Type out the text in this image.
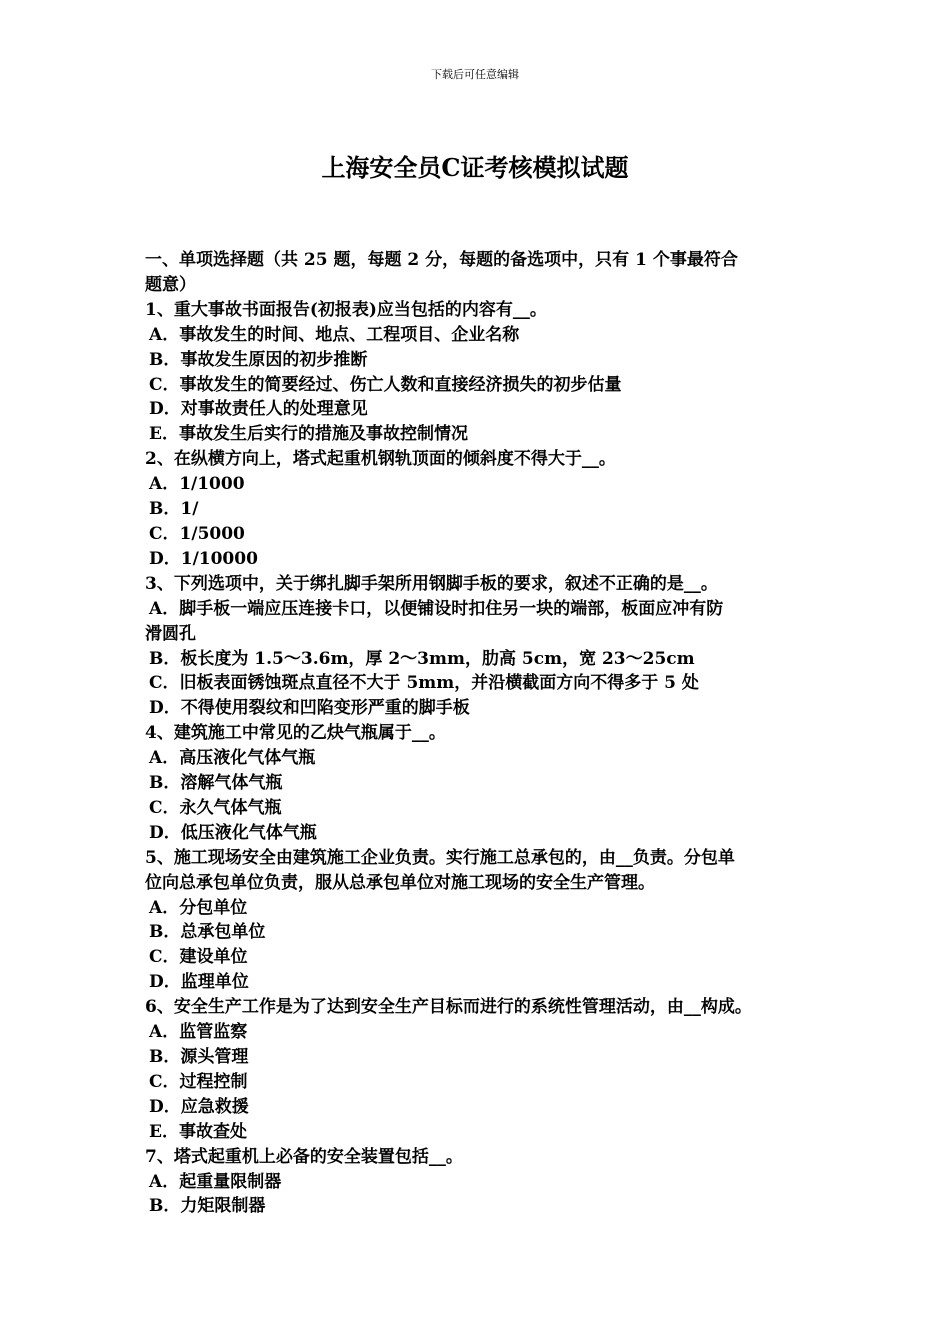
下载后可任意编辑
上海安全员C证考核模拟试题
一、单项选择题（共 25 题，每题 2 分，每题的备选项中，只有 1 个事最符合
题意）
1、重大事故书面报告(初报表)应当包括的内容有__。
A．事故发生的时间、地点、工程项目、企业名称
B．事故发生原因的初步推断
C．事故发生的简要经过、伤亡人数和直接经济损失的初步估量
D．对事故责任人的处理意见
E．事故发生后实行的措施及事故控制情况
2、在纵横方向上，塔式起重机钢轨顶面的倾斜度不得大于__。
A．1/1000
B．1/
C．1/5000
D．1/10000
3、下列选项中，关于绑扎脚手架所用钢脚手板的要求，叙述不正确的是__。
A．脚手板一端应压连接卡口，以便铺设时扣住另一块的端部，板面应冲有防
滑圆孔
B．板长度为 1.5～3.6m，厚 2～3mm，肋高 5cm，宽 23～25cm
C．旧板表面锈蚀斑点直径不大于 5mm，并沿横截面方向不得多于 5 处
D．不得使用裂纹和凹陷变形严重的脚手板
4、建筑施工中常见的乙炔气瓶属于__。
A．高压液化气体气瓶
B．溶解气体气瓶
C．永久气体气瓶
D．低压液化气体气瓶
5、施工现场安全由建筑施工企业负责。实行施工总承包的，由__负责。分包单
位向总承包单位负责，服从总承包单位对施工现场的安全生产管理。
A．分包单位
B．总承包单位
C．建设单位
D．监理单位
6、安全生产工作是为了达到安全生产目标而进行的系统性管理活动，由__构成。
A．监管监察
B．源头管理
C．过程控制
D．应急救援
E．事故查处
7、塔式起重机上必备的安全装置包括__。
A．起重量限制器
B．力矩限制器
